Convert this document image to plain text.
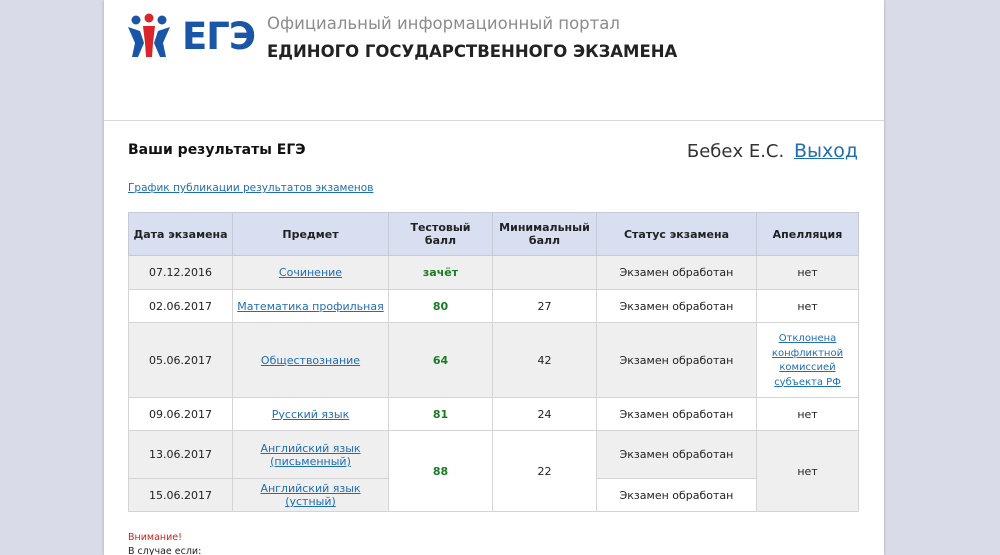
ЕГЭ Официальный информационный портал
ЕДИНОГО ГОСУДАРСТВЕННОГО ЭКЗАМЕНА
Ваши результаты ЕГЭ	Бебех Е.С. Выход
График публикации результатов экзаменов
Дата экзамена	Предмет	Тестовый балл	Минимальный балл	Статус экзамена	Апелляция
07.12.2016	Сочинение	зачёт		Экзамен обработан	нет
02.06.2017	Математика профильная	80	27	Экзамен обработан	нет
05.06.2017	Обществознание	64	42	Экзамен обработан	Отклонена конфликтной комиссией субъекта РФ
09.06.2017	Русский язык	81	24	Экзамен обработан	нет
13.06.2017	Английский язык (письменный)	88	22	Экзамен обработан	нет
15.06.2017	Английский язык (устный)			Экзамен обработан	
Внимание!
В случае если:
